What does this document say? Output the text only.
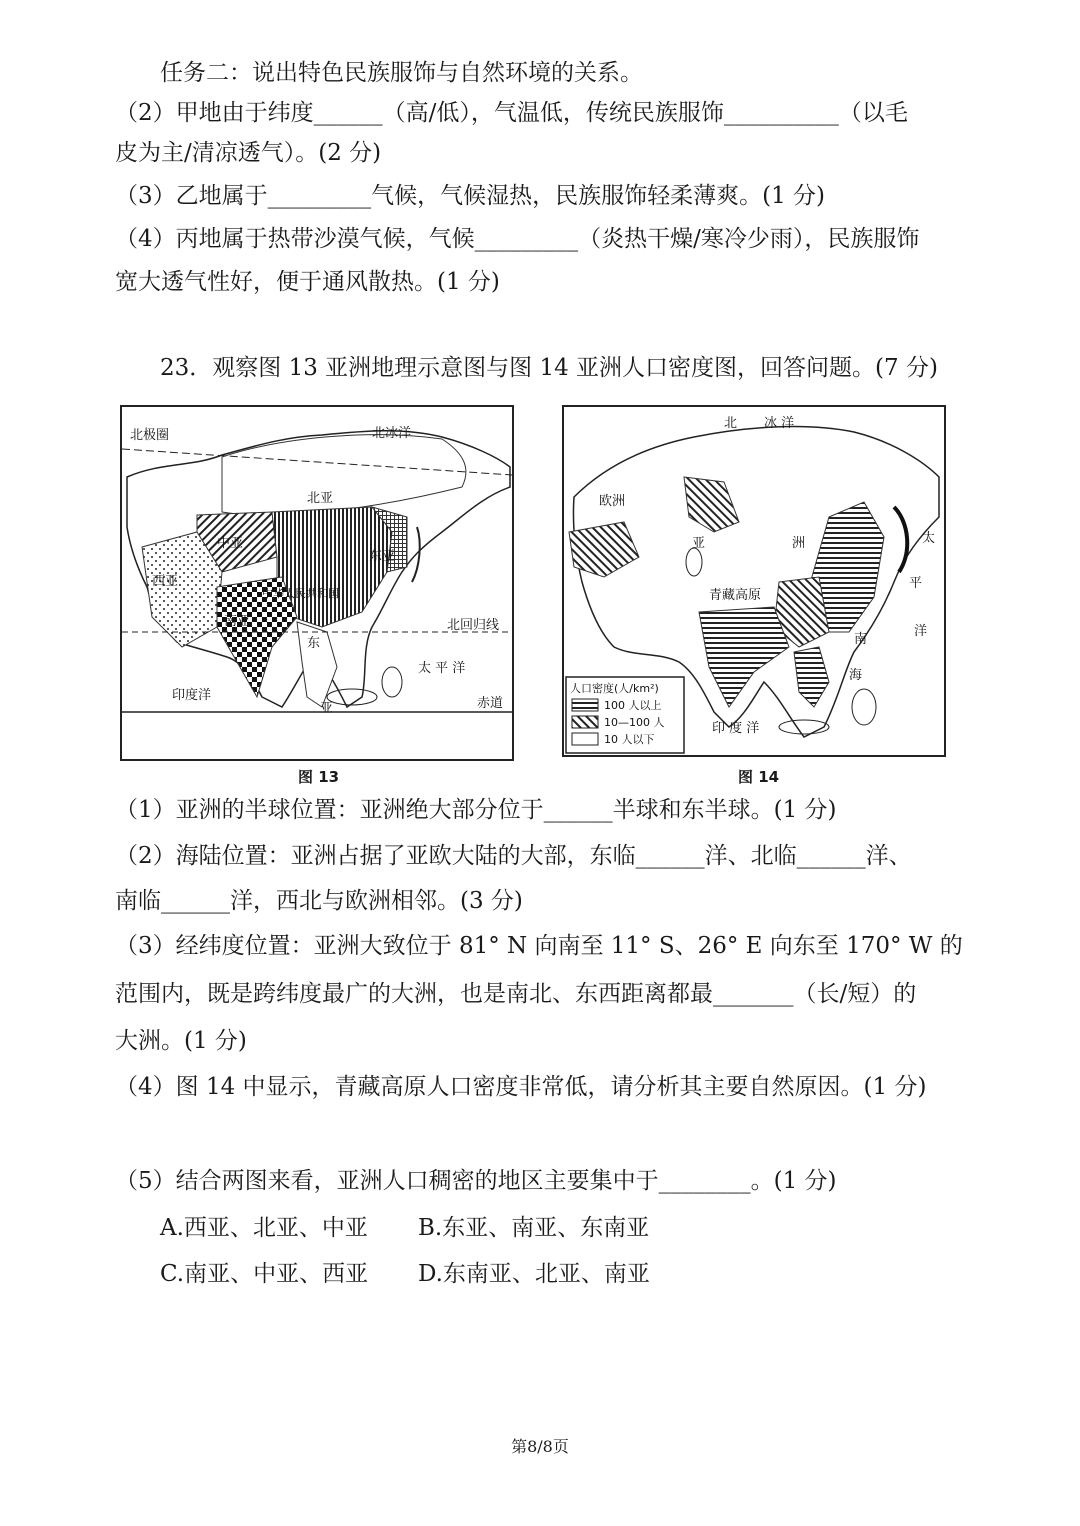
任务二：说出特色民族服饰与自然环境的关系。
（2）甲地由于纬度______（高/低），气温低，传统民族服饰__________（以毛
皮为主/清凉透气）。(2 分)
（3）乙地属于_________气候，气候湿热，民族服饰轻柔薄爽。(1 分)
（4）丙地属于热带沙漠气候，气候_________（炎热干燥/寒冷少雨），民族服饰
宽大透气性好，便于通风散热。(1 分)
23．观察图 13 亚洲地理示意图与图 14 亚洲人口密度图，回答问题。(7 分)
北极圈	北冰洋
北亚
中亚
西亚
东亚
中华人民共和国
南亚	北回归线
东
太 平 洋
印度洋
亚	赤道
图 13
北 冰 洋
欧洲
亚	洲
青藏高原
太
平
洋
南
海
印 度 洋
人口密度(人/km²)
100 人以上
10—100 人
10 人以下
图 14
（1）亚洲的半球位置：亚洲绝大部分位于______半球和东半球。(1 分)
（2）海陆位置：亚洲占据了亚欧大陆的大部，东临______洋、北临______洋、
南临______洋，西北与欧洲相邻。(3 分)
（3）经纬度位置：亚洲大致位于 81° N 向南至 11° S、26° E 向东至 170° W 的
范围内，既是跨纬度最广的大洲，也是南北、东西距离都最_______（长/短）的
大洲。(1 分)
（4）图 14 中显示，青藏高原人口密度非常低，请分析其主要自然原因。(1 分)
（5）结合两图来看，亚洲人口稠密的地区主要集中于________。(1 分)
A.西亚、北亚、中亚 B.东亚、南亚、东南亚
C.南亚、中亚、西亚 D.东南亚、北亚、南亚
第8/8页
